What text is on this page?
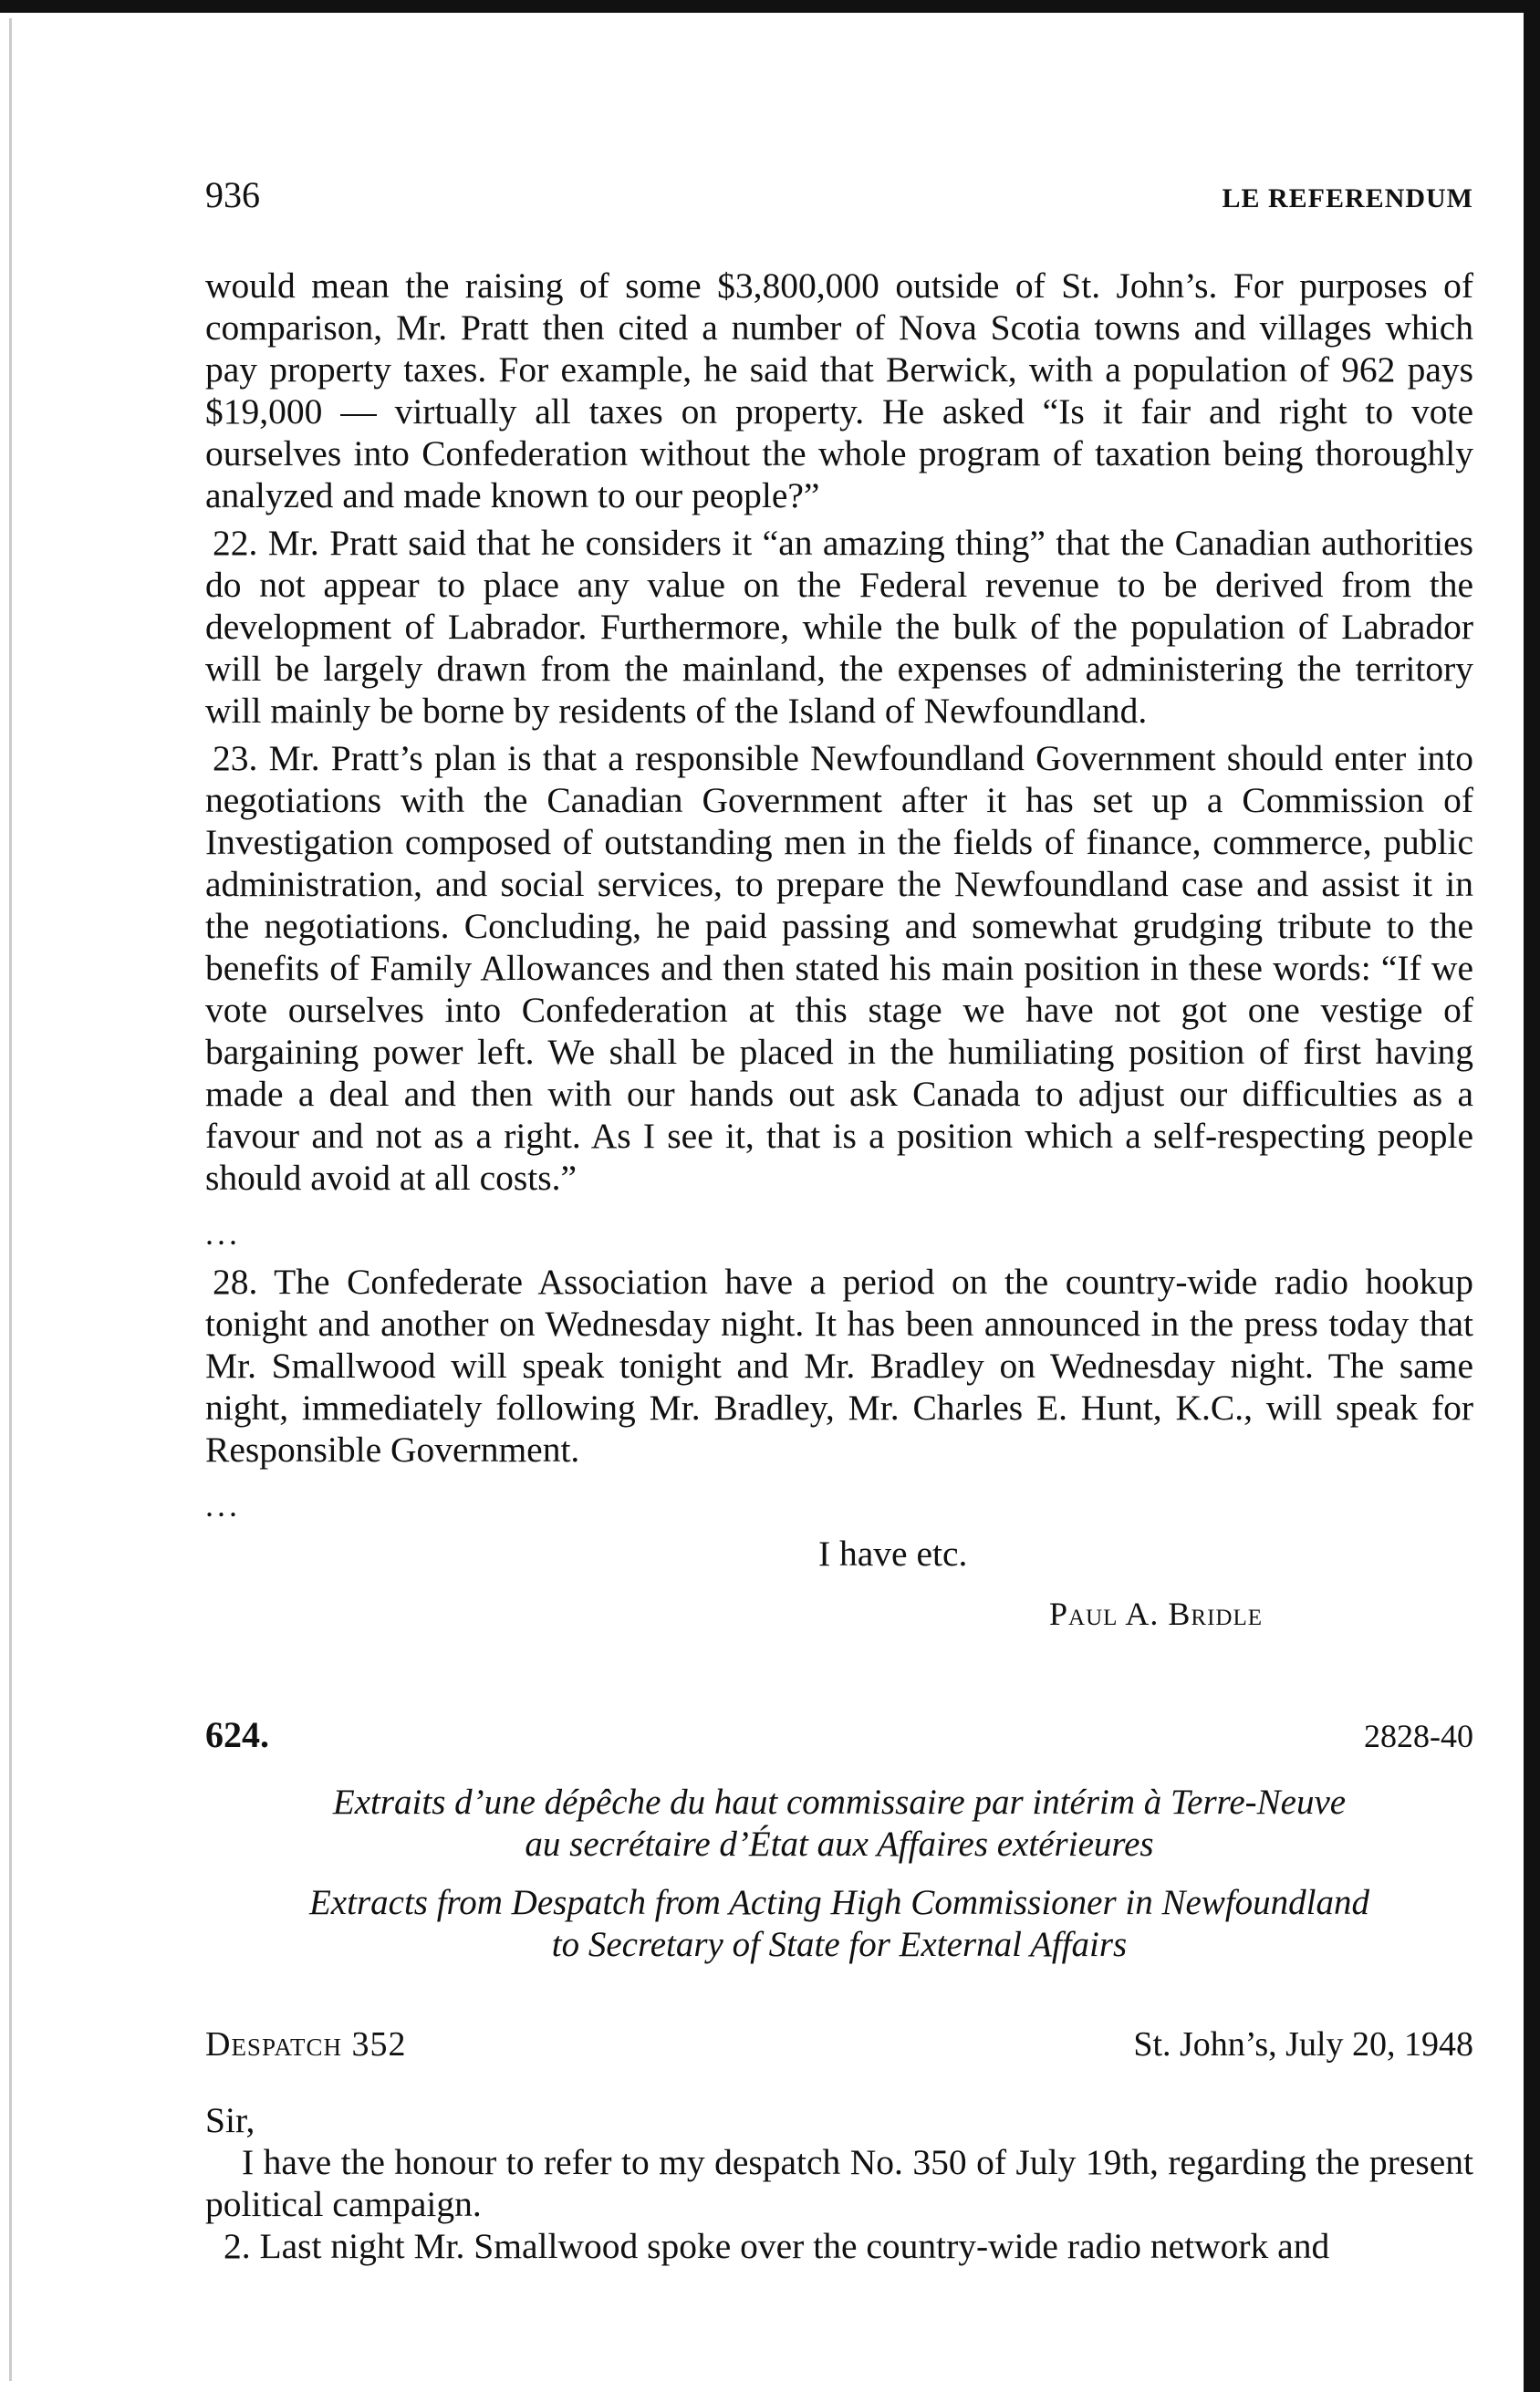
936	LE REFERENDUM

would mean the raising of some $3,800,000 outside of St. John’s. For purposes of comparison, Mr. Pratt then cited a number of Nova Scotia towns and villages which pay property taxes. For example, he said that Berwick, with a population of 962 pays $19,000 — virtually all taxes on property. He asked “Is it fair and right to vote ourselves into Confederation without the whole program of taxation being thoroughly analyzed and made known to our people?”

22. Mr. Pratt said that he considers it “an amazing thing” that the Canadian authorities do not appear to place any value on the Federal revenue to be derived from the development of Labrador. Furthermore, while the bulk of the population of Labrador will be largely drawn from the mainland, the expenses of administering the territory will mainly be borne by residents of the Island of Newfoundland.

23. Mr. Pratt’s plan is that a responsible Newfoundland Government should enter into negotiations with the Canadian Government after it has set up a Commission of Investigation composed of outstanding men in the fields of finance, commerce, public administration, and social services, to prepare the Newfoundland case and assist it in the negotiations. Concluding, he paid passing and somewhat grudging tribute to the benefits of Family Allowances and then stated his main position in these words: “If we vote ourselves into Confederation at this stage we have not got one vestige of bargaining power left. We shall be placed in the humiliating position of first having made a deal and then with our hands out ask Canada to adjust our difficulties as a favour and not as a right. As I see it, that is a position which a self-respecting people should avoid at all costs.”

...

28. The Confederate Association have a period on the country-wide radio hookup tonight and another on Wednesday night. It has been announced in the press today that Mr. Smallwood will speak tonight and Mr. Bradley on Wednesday night. The same night, immediately following Mr. Bradley, Mr. Charles E. Hunt, K.C., will speak for Responsible Government.

...
I have etc.
Paul A. Bridle
624.	2828-40
Extraits d’une dépêche du haut commissaire par intérim à Terre-Neuve
au secrétaire d’État aux Affaires extérieures
Extracts from Despatch from Acting High Commissioner in Newfoundland
to Secretary of State for External Affairs
Despatch 352	St. John’s, July 20, 1948
Sir,

I have the honour to refer to my despatch No. 350 of July 19th, regarding the present political campaign.

2. Last night Mr. Smallwood spoke over the country-wide radio network and
